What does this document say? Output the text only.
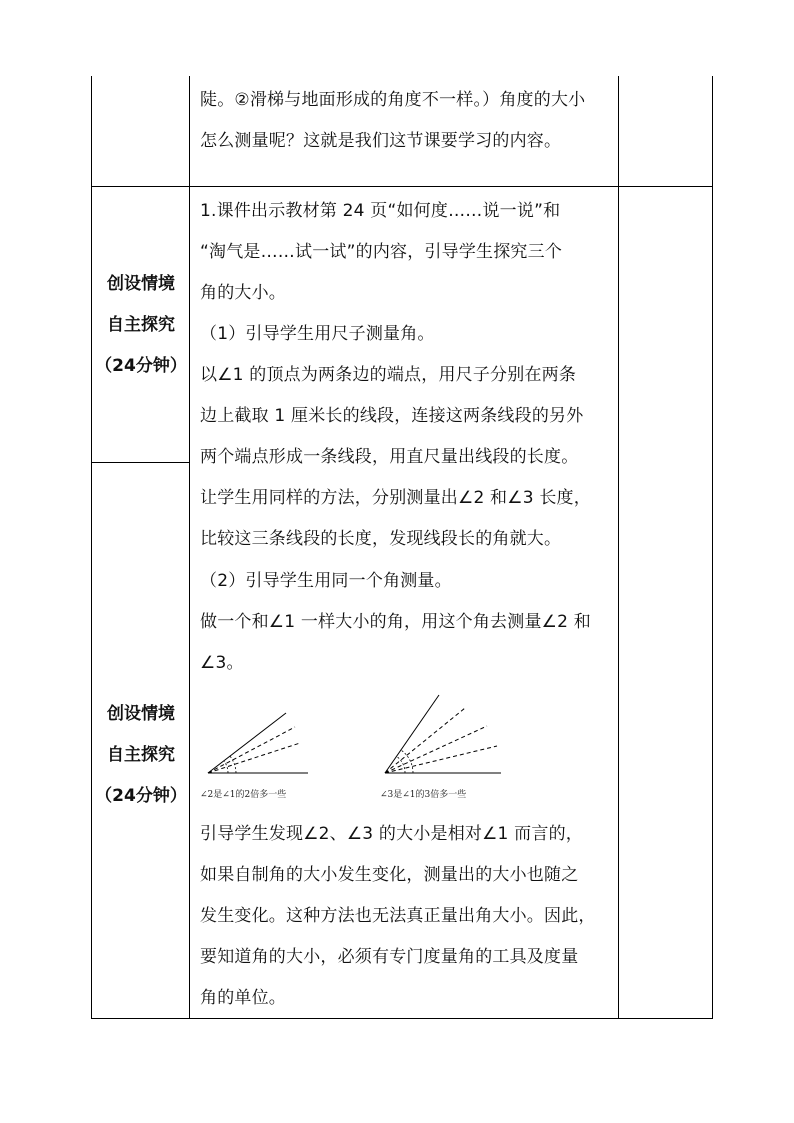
陡。②滑梯与地面形成的角度不一样。）角度的大小
怎么测量呢？这就是我们这节课要学习的内容。
创设情境
自主探究
（24分钟）
创设情境
自主探究
（24分钟）
1.课件出示教材第 24 页“如何度……说一说”和
“淘气是……试一试”的内容，引导学生探究三个
角的大小。
（1）引导学生用尺子测量角。
以∠1 的顶点为两条边的端点，用尺子分别在两条
边上截取 1 厘米长的线段，连接这两条线段的另外
两个端点形成一条线段，用直尺量出线段的长度。
让学生用同样的方法，分别测量出∠2 和∠3 长度，
比较这三条线段的长度，发现线段长的角就大。
（2）引导学生用同一个角测量。
做一个和∠1 一样大小的角，用这个角去测量∠2 和
∠3。
∠2是∠1的2倍多一些	∠3是∠1的3倍多一些
引导学生发现∠2、∠3 的大小是相对∠1 而言的，
如果自制角的大小发生变化，测量出的大小也随之
发生变化。这种方法也无法真正量出角大小。因此，
要知道角的大小，必须有专门度量角的工具及度量
角的单位。
